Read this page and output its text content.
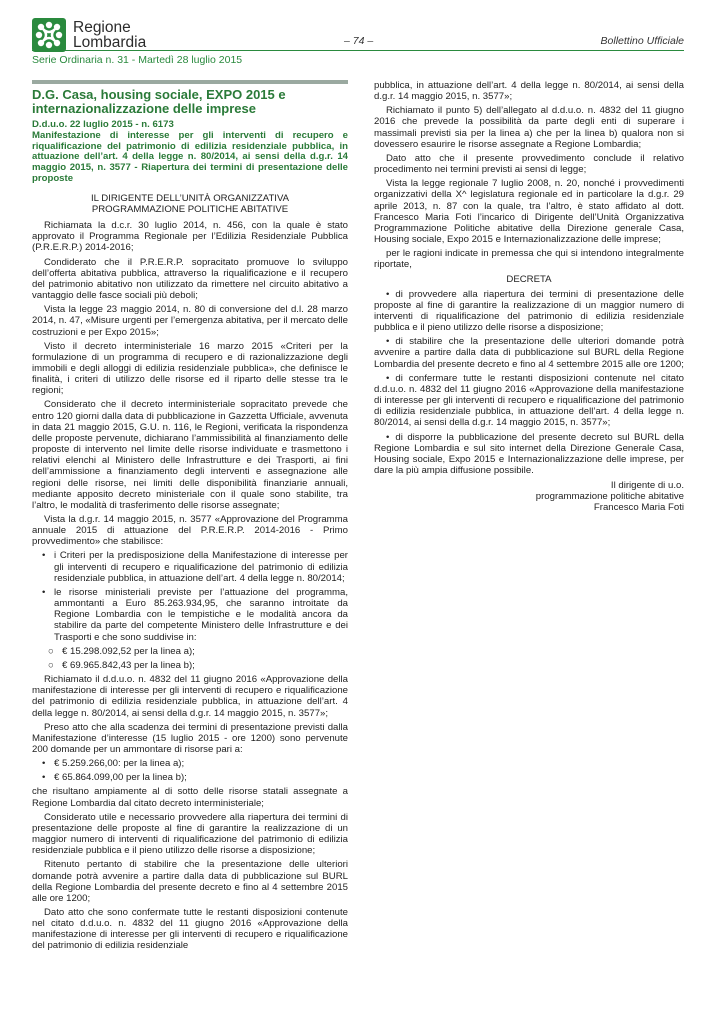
Regione
Lombardia	– 74 –	Bollettino Ufficiale
Serie Ordinaria n. 31 - Martedì 28 luglio 2015
D.G. Casa, housing sociale, EXPO 2015 e internazionalizzazione delle imprese
D.d.u.o. 22 luglio 2015 - n. 6173
Manifestazione di interesse per gli interventi di recupero e riqualificazione del patrimonio di edilizia residenziale pubblica, in attuazione dell’art. 4 della legge n. 80/2014, ai sensi della d.g.r. 14 maggio 2015, n. 3577 - Riapertura dei termini di presentazione delle proposte
IL DIRIGENTE DELL’UNITÀ ORGANIZZATIVA
PROGRAMMAZIONE POLITICHE ABITATIVE

Richiamata la d.c.r. 30 luglio 2014, n. 456, con la quale è stato approvato il Programma Regionale per l’Edilizia Residenziale Pubblica (P.R.E.R.P.) 2014-2016;

Condiderato che il P.R.E.R.P. sopracitato promuove lo sviluppo dell’offerta abitativa pubblica, attraverso la riqualificazione e il recupero del patrimonio abitativo non utilizzato da rimettere nel circuito abitativo a vantaggio delle fasce sociali più deboli;

Vista la legge 23 maggio 2014, n. 80 di conversione del d.l. 28 marzo 2014, n. 47, «Misure urgenti per l’emergenza abitativa, per il mercato delle costruzioni e per Expo 2015»;

Visto il decreto interministeriale 16 marzo 2015 «Criteri per la formulazione di un programma di recupero e di razionalizzazione degli immobili e degli alloggi di edilizia residenziale pubblica», che definisce le finalità, i criteri di utilizzo delle risorse ed il riparto delle stesse tra le regioni;

Considerato che il decreto interministeriale sopracitato prevede che entro 120 giorni dalla data di pubblicazione in Gazzetta Ufficiale, avvenuta in data 21 maggio 2015, G.U. n. 116, le Regioni, verificata la rispondenza delle proposte pervenute, dichiarano l’ammissibilità al finanziamento delle proposte di intervento nel limite delle risorse individuate e trasmettono i relativi elenchi al Ministero delle Infrastrutture e dei Trasporti, ai fini dell’ammissione a finanziamento degli interventi e assegnazione alle regioni delle risorse, nei limiti delle disponibilità finanziarie annuali, mediante apposito decreto ministeriale con il quale sono stabilite, tra l’altro, le modalità di trasferimento delle risorse assegnate;

Vista la d.g.r. 14 maggio 2015, n. 3577 «Approvazione del Programma annuale 2015 di attuazione del P.R.E.R.P. 2014-2016 - Primo provvedimento» che stabilisce:

• i Criteri per la predisposizione della Manifestazione di interesse per gli interventi di recupero e riqualificazione del patrimonio di edilizia residenziale pubblica, in attuazione dell’art. 4 della legge n. 80/2014;
• le risorse ministeriali previste per l’attuazione del programma, ammontanti a Euro 85.263.934,95, che saranno introitate da Regione Lombardia con le tempistiche e le modalità ancora da stabilire da parte del competente Ministero delle Infrastrutture e dei Trasporti e che sono suddivise in:
○ € 15.298.092,52 per la linea a);
○ € 69.965.842,43 per la linea b);

Richiamato il d.d.u.o. n. 4832 del 11 giugno 2016 «Approvazione della manifestazione di interesse per gli interventi di recupero e riqualificazione del patrimonio di edilizia residenziale pubblica, in attuazione dell’art. 4 della legge n. 80/2014, ai sensi della d.g.r. 14 maggio 2015, n. 3577»;

Preso atto che alla scadenza dei termini di presentazione previsti dalla Manifestazione d’interesse (15 luglio 2015 - ore 1200) sono pervenute 200 domande per un ammontare di risorse pari a:

• € 5.259.266,00: per la linea a);
• € 65.864.099,00 per la linea b);

che risultano ampiamente al di sotto delle risorse statali assegnate a Regione Lombardia dal citato decreto interministeriale;

Considerato utile e necessario provvedere alla riapertura dei termini di presentazione delle proposte al fine di garantire la realizzazione di un maggior numero di interventi di riqualificazione del patrimonio di edilizia residenziale pubblica e il pieno utilizzo delle risorse a disposizione;

Ritenuto pertanto di stabilire che la presentazione delle ulteriori domande potrà avvenire a partire dalla data di pubblicazione sul BURL della Regione Lombardia del presente decreto e fino al 4 settembre 2015 alle ore 1200;

Dato atto che sono confermate tutte le restanti disposizioni contenute nel citato d.d.u.o. n. 4832 del 11 giugno 2016 «Approvazione della manifestazione di interesse per gli interventi di recupero e riqualificazione del patrimonio di edilizia residenziale

pubblica, in attuazione dell’art. 4 della legge n. 80/2014, ai sensi della d.g.r. 14 maggio 2015, n. 3577»;

Richiamato il punto 5) dell’allegato al d.d.u.o. n. 4832 del 11 giugno 2016 che prevede la possibilità da parte degli enti di superare i massimali previsti sia per la linea a) che per la linea b) qualora non si dovessero esaurire le risorse assegnate a Regione Lombardia;

Dato atto che il presente provvedimento conclude il relativo procedimento nei termini previsti ai sensi di legge;

Vista la legge regionale 7 luglio 2008, n. 20, nonché i provvedimenti organizzativi della X^ legislatura regionale ed in particolare la d.g.r. 29 aprile 2013, n. 87 con la quale, tra l’altro, è stato affidato al dott. Francesco Maria Foti l’incarico di Dirigente dell’Unità Organizzativa Programmazione Politiche abitative della Direzione generale Casa, Housing sociale, Expo 2015 e Internazionalizzazione delle imprese;

per le ragioni indicate in premessa che qui si intendono integralmente riportate,

DECRETA

• di provvedere alla riapertura dei termini di presentazione delle proposte al fine di garantire la realizzazione di un maggior numero di interventi di riqualificazione del patrimonio di edilizia residenziale pubblica e il pieno utilizzo delle risorse a disposizione;

• di stabilire che la presentazione delle ulteriori domande potrà avvenire a partire dalla data di pubblicazione sul BURL della Regione Lombardia del presente decreto e fino al 4 settembre 2015 alle ore 1200;

• di confermare tutte le restanti disposizioni contenute nel citato d.d.u.o. n. 4832 del 11 giugno 2016 «Approvazione della manifestazione di interesse per gli interventi di recupero e riqualificazione del patrimonio di edilizia residenziale pubblica, in attuazione dell’art. 4 della legge n. 80/2014, ai sensi della d.g.r. 14 maggio 2015, n. 3577»;

• di disporre la pubblicazione del presente decreto sul BURL della Regione Lombardia e sul sito internet della Direzione Generale Casa, Housing sociale, Expo 2015 e Internazionalizzazione delle imprese, per dare la più ampia diffusione possibile.

Il dirigente di u.o.
programmazione politiche abitative
Francesco Maria Foti
